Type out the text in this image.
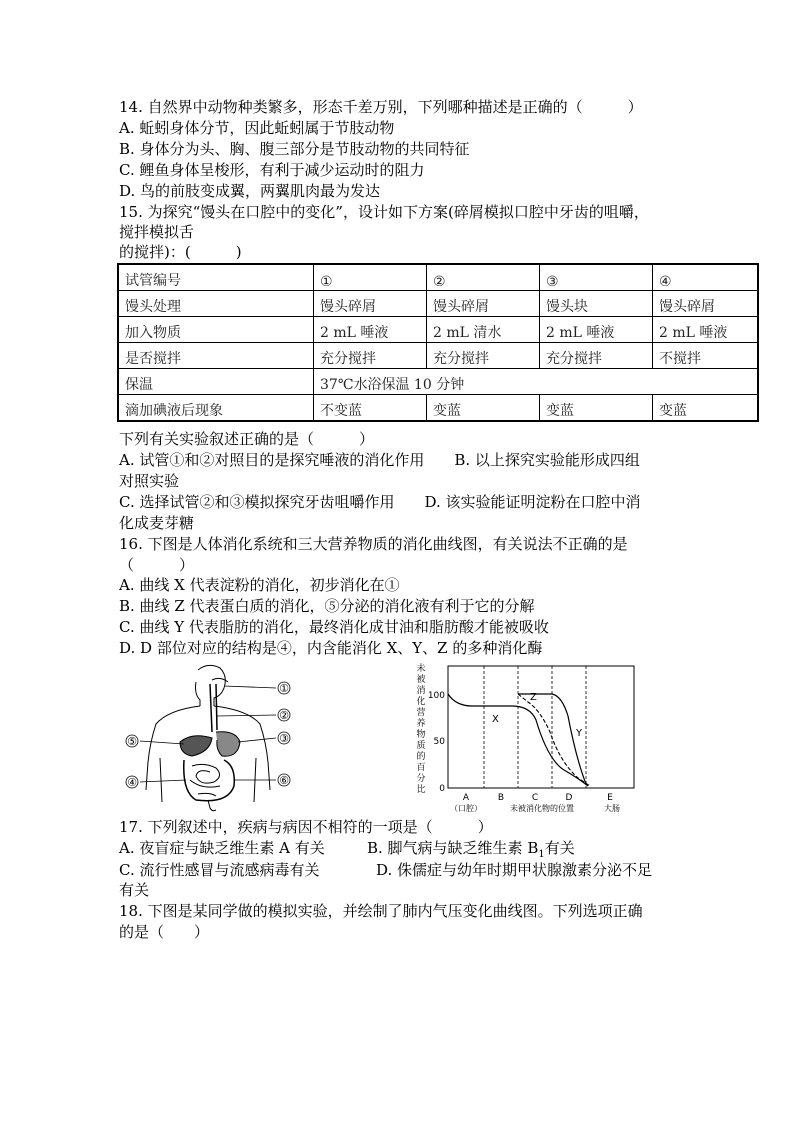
14. 自然界中动物种类繁多，形态千差万别，下列哪种描述是正确的（　　　）
A. 蚯蚓身体分节，因此蚯蚓属于节肢动物
B. 身体分为头、胸、腹三部分是节肢动物的共同特征
C. 鲤鱼身体呈梭形，有利于减少运动时的阻力
D. 鸟的前肢变成翼，两翼肌肉最为发达
15. 为探究“馒头在口腔中的变化”，设计如下方案(碎屑模拟口腔中牙齿的咀嚼，
搅拌模拟舌
的搅拌)：(　　　)
试管编号	①	②	③	④
馒头处理	馒头碎屑	馒头碎屑	馒头块	馒头碎屑
加入物质	2 mL 唾液	2 mL 清水	2 mL 唾液	2 mL 唾液
是否搅拌	充分搅拌	充分搅拌	充分搅拌	不搅拌
保温	37℃水浴保温 10 分钟			
滴加碘液后现象	不变蓝	变蓝	变蓝	变蓝
下列有关实验叙述正确的是（　　　）
A. 试管①和②对照目的是探究唾液的消化作用　　B. 以上探究实验能形成四组
对照实验
C. 选择试管②和③模拟探究牙齿咀嚼作用　　D. 该实验能证明淀粉在口腔中消
化成麦芽糖
16. 下图是人体消化系统和三大营养物质的消化曲线图，有关说法不正确的是
（　　　）
A. 曲线 X 代表淀粉的消化，初步消化在①
B. 曲线 Z 代表蛋白质的消化，⑤分泌的消化液有利于它的分解
C. 曲线 Y 代表脂肪的消化，最终消化成甘油和脂肪酸才能被吸收
D. D 部位对应的结构是④，内含能消化 X、Y、Z 的多种消化酶
①
②
③
④
⑤
⑥
未
被
消
化
营
养
物
质
的
百
分
比
100
50
0
X
Y
Z
A	B	C	D	E
（口腔）	未被消化物的位置	大肠
17. 下列叙述中，疾病与病因不相符的一项是（　　　）
A. 夜盲症与缺乏维生素 A 有关	B. 脚气病与缺乏维生素 $B_1$有关
C. 流行性感冒与流感病毒有关	D. 侏儒症与幼年时期甲状腺激素分泌不足
有关
18. 下图是某同学做的模拟实验，并绘制了肺内气压变化曲线图。下列选项正确
的是（　　）
